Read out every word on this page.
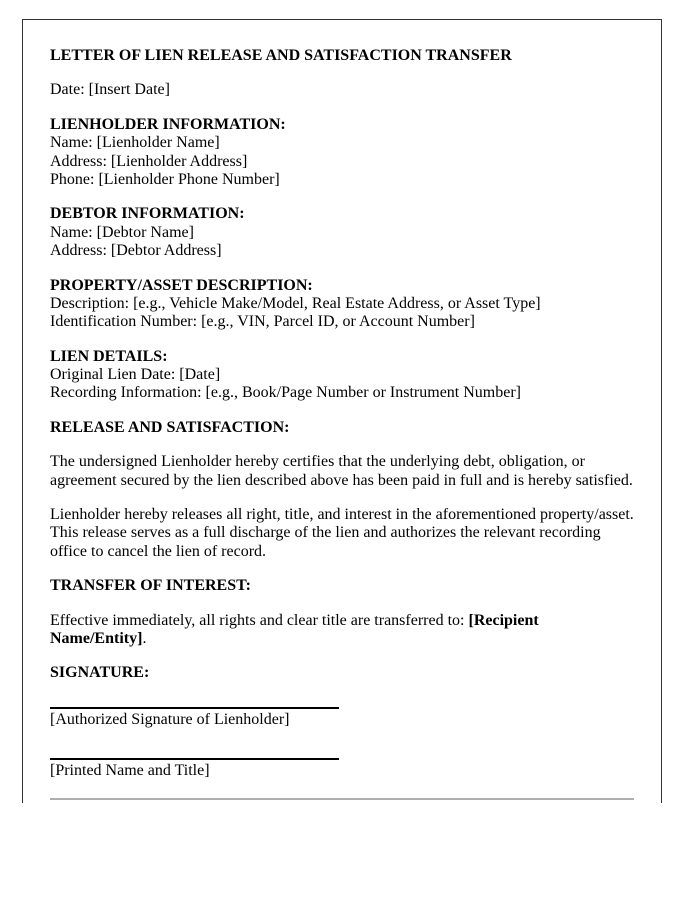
LETTER OF LIEN RELEASE AND SATISFACTION TRANSFER
Date: [Insert Date]
LIENHOLDER INFORMATION:
Name: [Lienholder Name]
Address: [Lienholder Address]
Phone: [Lienholder Phone Number]
DEBTOR INFORMATION:
Name: [Debtor Name]
Address: [Debtor Address]
PROPERTY/ASSET DESCRIPTION:
Description: [e.g., Vehicle Make/Model, Real Estate Address, or Asset Type]
Identification Number: [e.g., VIN, Parcel ID, or Account Number]
LIEN DETAILS:
Original Lien Date: [Date]
Recording Information: [e.g., Book/Page Number or Instrument Number]
RELEASE AND SATISFACTION:
The undersigned Lienholder hereby certifies that the underlying debt, obligation, or agreement secured by the lien described above has been paid in full and is hereby satisfied.
Lienholder hereby releases all right, title, and interest in the aforementioned property/asset. This release serves as a full discharge of the lien and authorizes the relevant recording office to cancel the lien of record.
TRANSFER OF INTEREST:
Effective immediately, all rights and clear title are transferred to: [Recipient Name/Entity].
SIGNATURE:
[Authorized Signature of Lienholder]
[Printed Name and Title]
